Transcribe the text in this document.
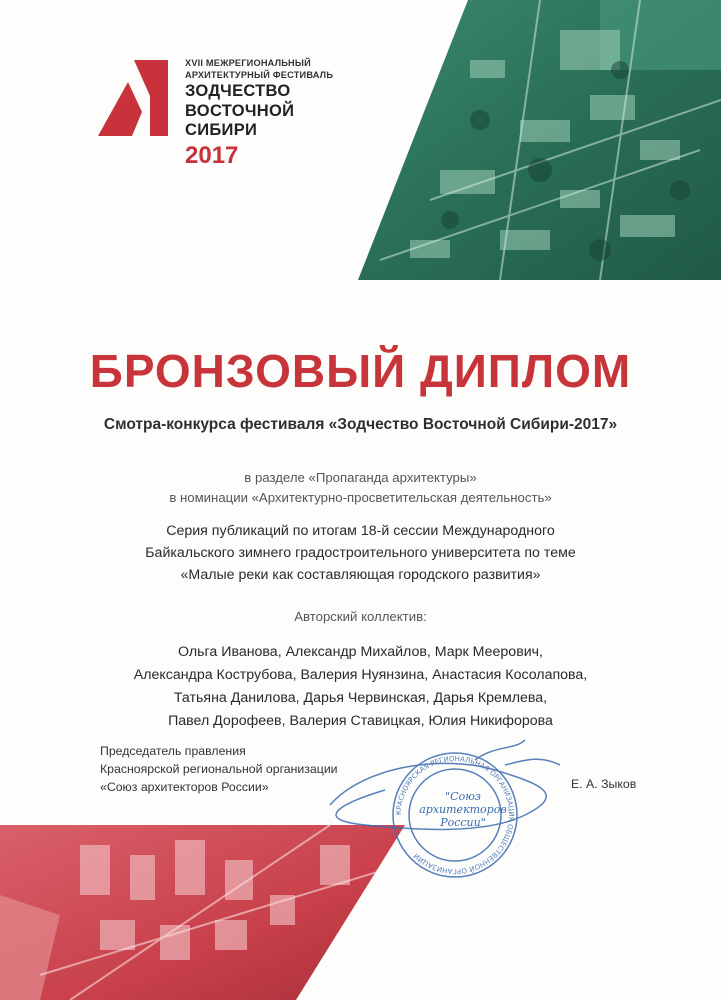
XVII МЕЖРЕГИОНАЛЬНЫЙ
АРХИТЕКТУРНЫЙ ФЕСТИВАЛЬ
ЗОДЧЕСТВО
ВОСТОЧНОЙ
СИБИРИ
2017
БРОНЗОВЫЙ ДИПЛОМ
Смотра-конкурса фестиваля «Зодчество Восточной Сибири-2017»
в разделе «Пропаганда архитектуры»
в номинации «Архитектурно-просветительская деятельность»
Серия публикаций по итогам 18-й сессии Международного
Байкальского зимнего градостроительного университета по теме
«Малые реки как составляющая городского развития»
Авторский коллектив:
Ольга Иванова, Александр Михайлов, Марк Меерович,
Александра Кострубова, Валерия Нуянзина, Анастасия Косолапова,
Татьяна Данилова, Дарья Червинская, Дарья Кремлева,
Павел Дорофеев, Валерия Ставицкая, Юлия Никифорова
Председатель правления
Красноярской региональной организации
«Союз архитекторов России»
КРАСНОЯРСКАЯ РЕГИОНАЛЬНАЯ ОРГАНИЗАЦИЯ ОБЩЕСТВЕННОЙ ОРГАНИЗАЦИИ
"Союз
архитекторов
России"
Е. А. Зыков
